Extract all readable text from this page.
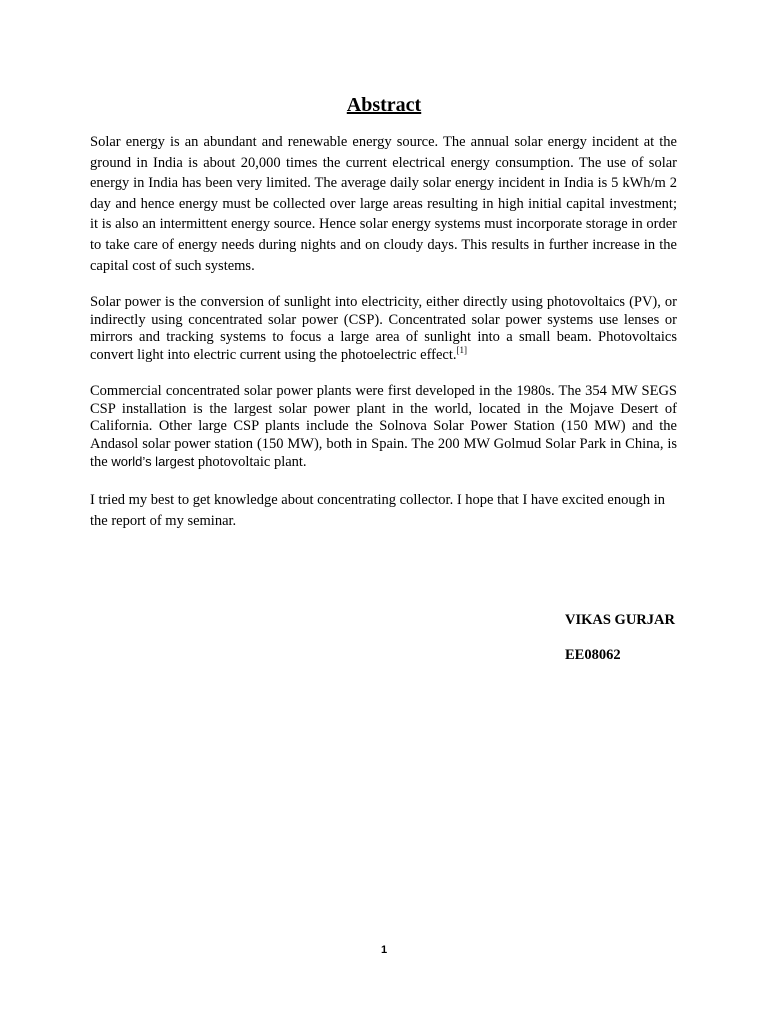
Abstract
Solar energy is an abundant and renewable energy source. The annual solar energy incident at the ground in India is about 20,000 times the current electrical energy consumption. The use of solar energy in India has been very limited. The average daily solar energy incident in India is 5 kWh/m 2 day and hence energy must be collected over large areas resulting in high initial capital investment; it is also an intermittent energy source. Hence solar energy systems must incorporate storage in order to take care of energy needs during nights and on cloudy days. This results in further increase in the capital cost of such systems.
Solar power is the conversion of sunlight into electricity, either directly using photovoltaics (PV), or indirectly using concentrated solar power (CSP). Concentrated solar power systems use lenses or mirrors and tracking systems to focus a large area of sunlight into a small beam. Photovoltaics convert light into electric current using the photoelectric effect.[1]
Commercial concentrated solar power plants were first developed in the 1980s. The 354 MW SEGS CSP installation is the largest solar power plant in the world, located in the Mojave Desert of California. Other large CSP plants include the Solnova Solar Power Station (150 MW) and the Andasol solar power station (150 MW), both in Spain. The 200 MW Golmud Solar Park in China, is the world’s largest photovoltaic plant.
I tried my best to get knowledge about concentrating collector. I hope that I have excited enough in the report of my seminar.
VIKAS GURJAR
EE08062
1
